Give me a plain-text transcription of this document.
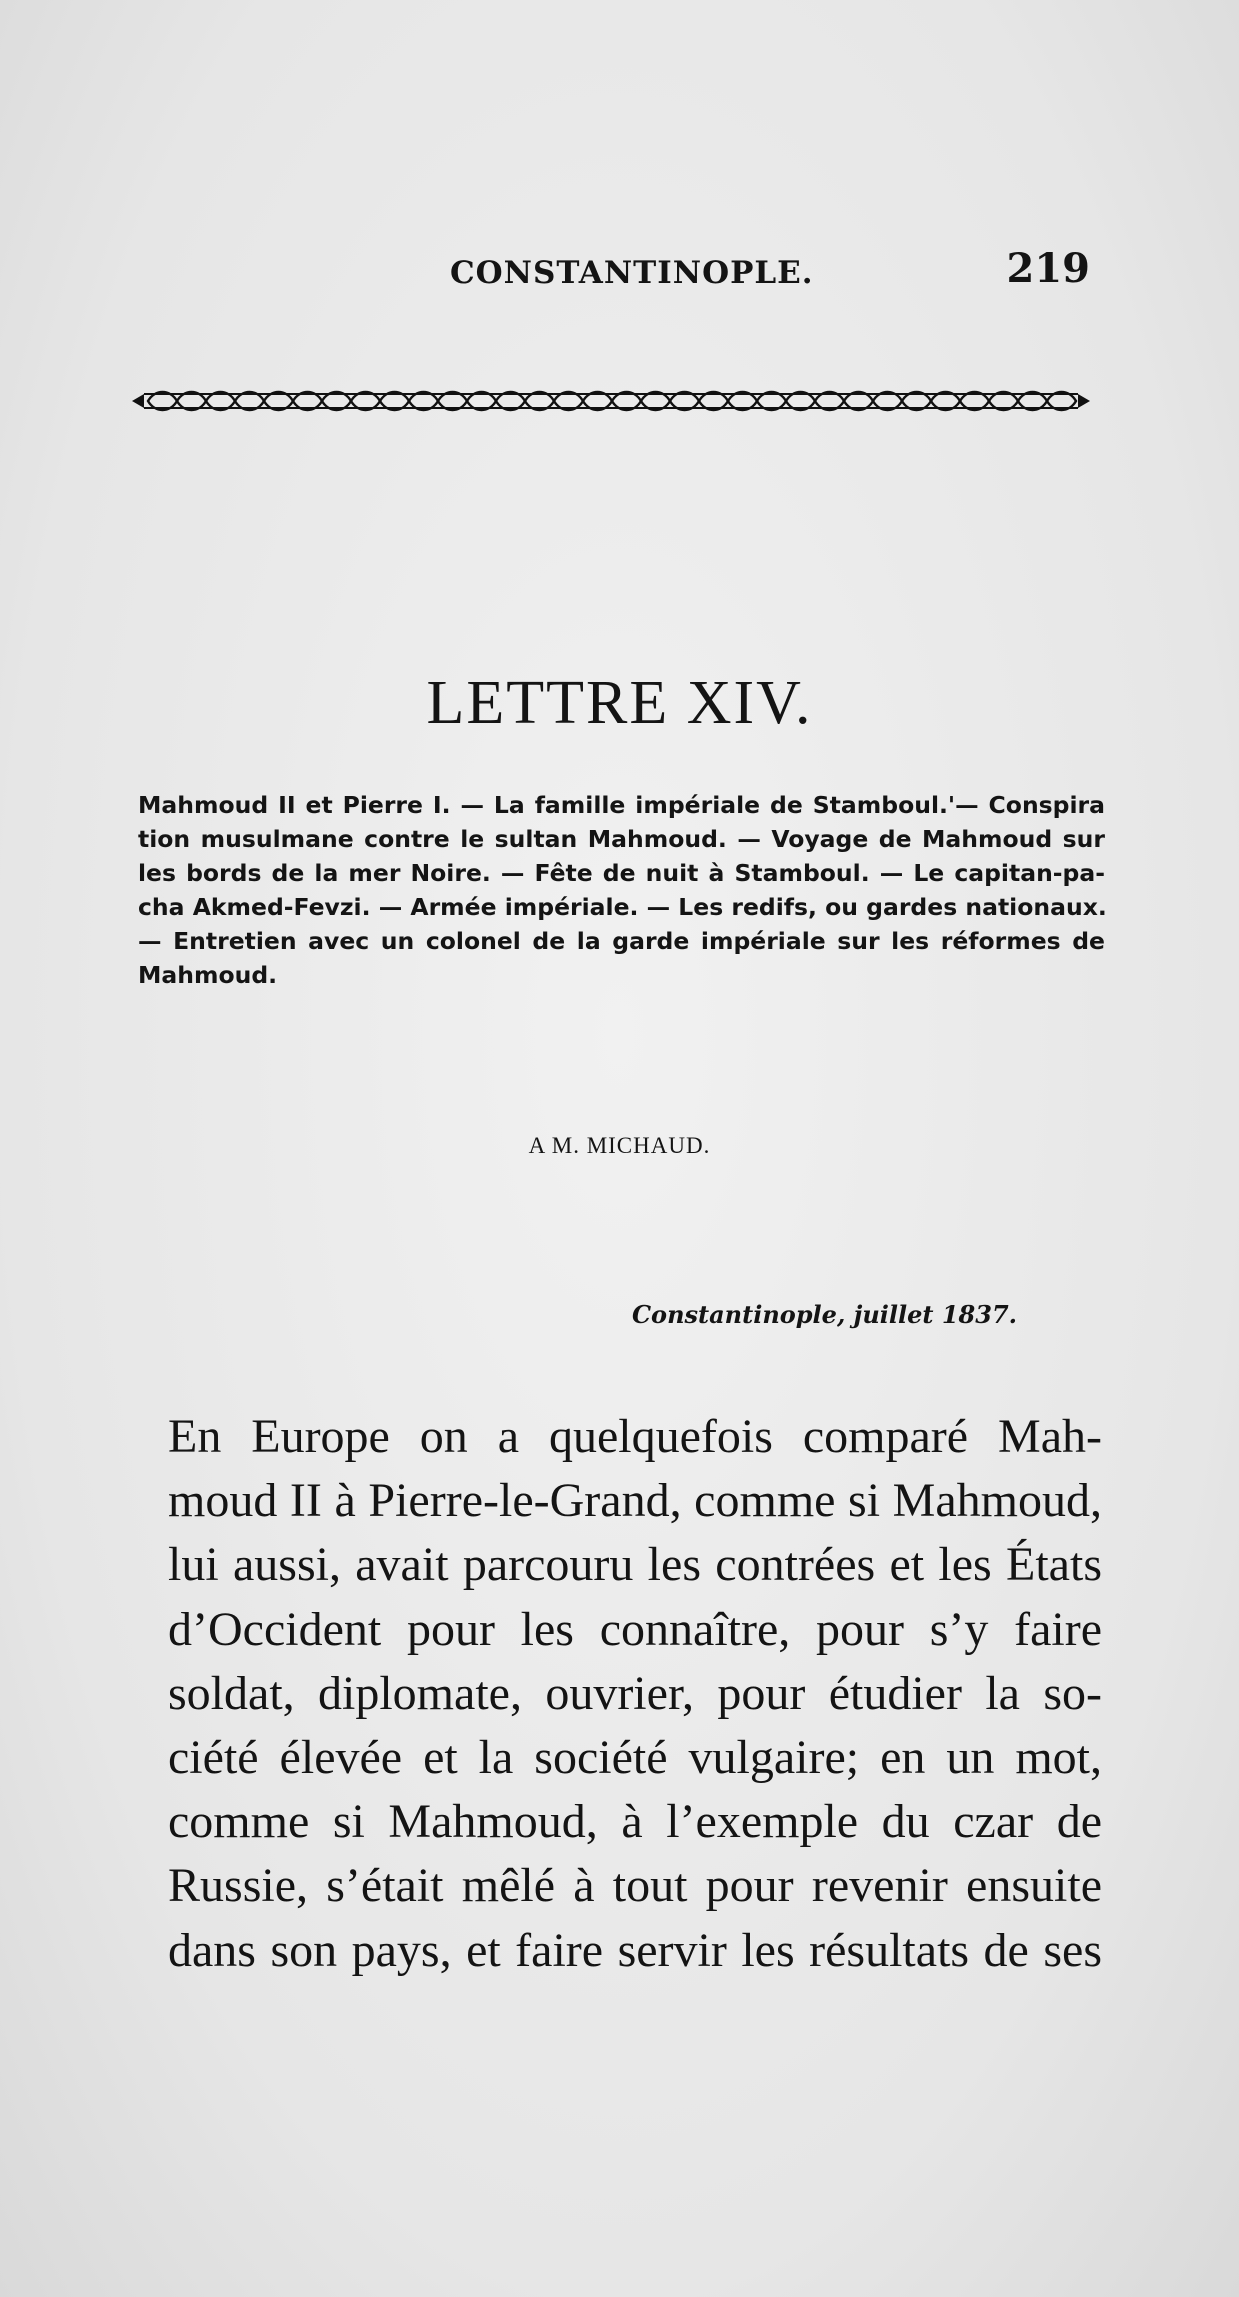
CONSTANTINOPLE.	219
LETTRE XIV.
Mahmoud II et Pierre I. — La famille impériale de Stamboul.'— Conspira
tion musulmane contre le sultan Mahmoud. — Voyage de Mahmoud sur
les bords de la mer Noire. — Fête de nuit à Stamboul. — Le capitan-pa-
cha Akmed-Fevzi. — Armée impériale. — Les redifs, ou gardes nationaux.
— Entretien avec un colonel de la garde impériale sur les réformes de
Mahmoud.
A M. MICHAUD.
Constantinople, juillet 1837.
En Europe on a quelquefois comparé Mah-
moud II à Pierre-le-Grand, comme si Mahmoud,
lui aussi, avait parcouru les contrées et les États
d’Occident pour les connaître, pour s’y faire
soldat, diplomate, ouvrier, pour étudier la so-
ciété élevée et la société vulgaire; en un mot,
comme si Mahmoud, à l’exemple du czar de
Russie, s’était mêlé à tout pour revenir ensuite
dans son pays, et faire servir les résultats de ses
